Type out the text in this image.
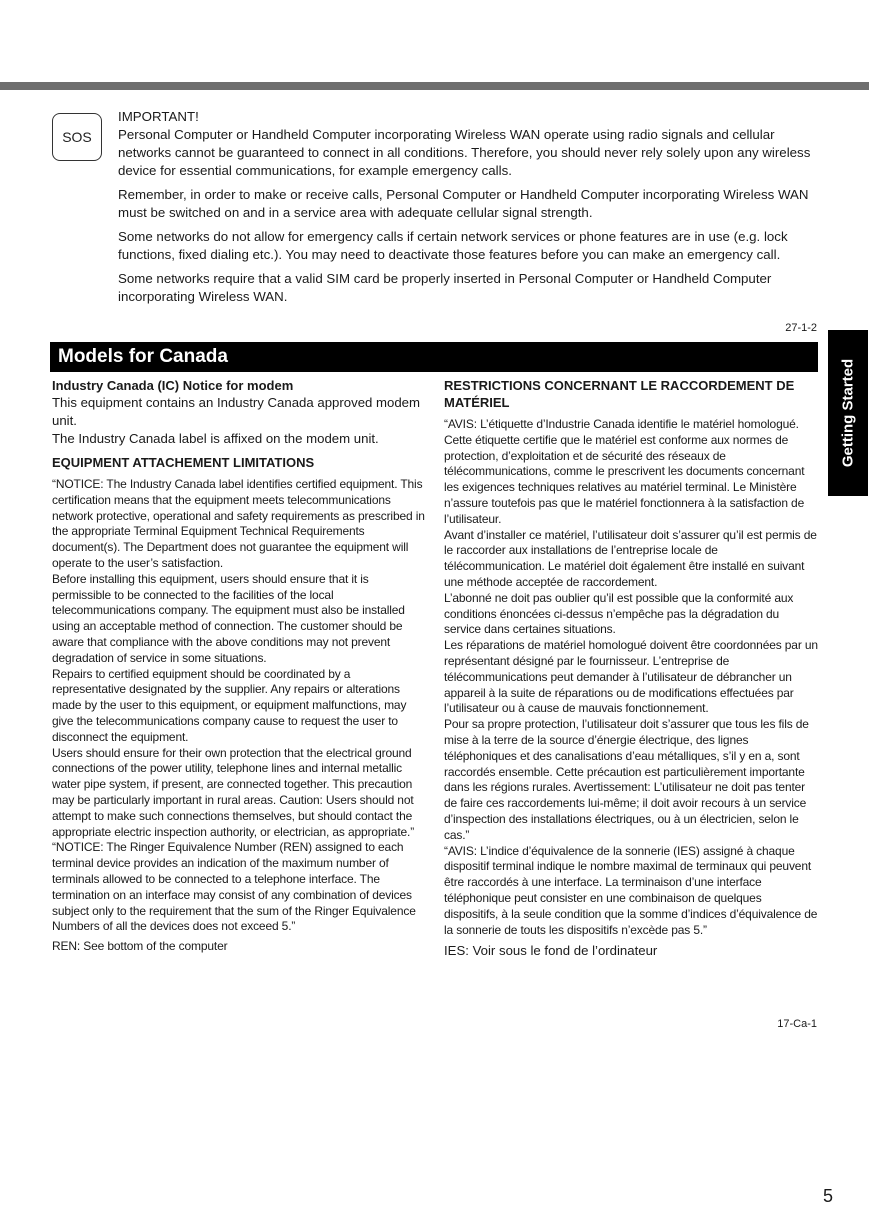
SOS

IMPORTANT!

Personal Computer or Handheld Computer incorporating Wireless WAN operate using radio signals and cellular networks cannot be guaranteed to connect in all conditions. Therefore, you should never rely solely upon any wireless device for essential communications, for example emergency calls.

Remember, in order to make or receive calls, Personal Computer or Handheld Computer incorporating Wireless WAN must be switched on and in a service area with adequate cellular signal strength.

Some networks do not allow for emergency calls if certain network services or phone features are in use (e.g. lock functions, fixed dialing etc.). You may need to deactivate those features before you can make an emergency call.

Some networks require that a valid SIM card be properly inserted in Personal Computer or Handheld Computer incorporating Wireless WAN.

27-1-2
Models for Canada
Getting Started

Industry Canada (IC) Notice for modem

This equipment contains an Industry Canada approved modem unit.

The Industry Canada label is affixed on the modem unit.

EQUIPMENT ATTACHEMENT LIMITATIONS

“NOTICE: The Industry Canada label identifies certified equipment. This certification means that the equipment meets telecommunications network protective, operational and safety requirements as prescribed in the appropriate Terminal Equipment Technical Requirements document(s). The Department does not guarantee the equipment will operate to the user’s satisfaction.

Before installing this equipment, users should ensure that it is permissible to be connected to the facilities of the local telecommunications company. The equipment must also be installed using an acceptable method of connection. The customer should be aware that compliance with the above conditions may not prevent degradation of service in some situations.

Repairs to certified equipment should be coordinated by a representative designated by the supplier. Any repairs or alterations made by the user to this equipment, or equipment malfunctions, may give the telecommunications company cause to request the user to disconnect the equipment.

Users should ensure for their own protection that the electrical ground connections of the power utility, telephone lines and internal metallic water pipe system, if present, are connected together. This precaution may be particularly important in rural areas. Caution: Users should not attempt to make such connections themselves, but should contact the appropriate electric inspection authority, or electrician, as appropriate.”

“NOTICE: The Ringer Equivalence Number (REN) assigned to each terminal device provides an indication of the maximum number of terminals allowed to be connected to a telephone interface. The termination on an interface may consist of any combination of devices subject only to the requirement that the sum of the Ringer Equivalence Numbers of all the devices does not exceed 5.”

REN: See bottom of the computer

RESTRICTIONS CONCERNANT LE RACCORDEMENT DE MATÉRIEL

“AVIS: L’étiquette d’Industrie Canada identifie le matériel homologué. Cette étiquette certifie que le matériel est conforme aux normes de protection, d’exploitation et de sécurité des réseaux de télécommunications, comme le prescrivent les documents concernant les exigences techniques relatives au matériel terminal. Le Ministère n’assure toutefois pas que le matériel fonctionnera à la satisfaction de l’utilisateur.

Avant d’installer ce matériel, l’utilisateur doit s’assurer qu’il est permis de le raccorder aux installations de l’entreprise locale de télécommunication. Le matériel doit également être installé en suivant une méthode acceptée de raccordement.

L’abonné ne doit pas oublier qu’il est possible que la conformité aux conditions énoncées ci-dessus n’empêche pas la dégradation du service dans certaines situations.

Les réparations de matériel homologué doivent être coordonnées par un représentant désigné par le fournisseur. L’entreprise de télécommunications peut demander à l’utilisateur de débrancher un appareil à la suite de réparations ou de modifications effectuées par l’utilisateur ou à cause de mauvais fonctionnement.

Pour sa propre protection, l’utilisateur doit s’assurer que tous les fils de mise à la terre de la source d’énergie électrique, des lignes téléphoniques et des canalisations d’eau métalliques, s’il y en a, sont raccordés ensemble. Cette précaution est particulièrement importante dans les régions rurales. Avertissement: L’utilisateur ne doit pas tenter de faire ces raccordements lui-même; il doit avoir recours à un service d’inspection des installations électriques, ou à un électricien, selon le cas.”

“AVIS: L’indice d’équivalence de la sonnerie (IES) assigné à chaque dispositif terminal indique le nombre maximal de terminaux qui peuvent être raccordés à une interface. La terminaison d’une interface téléphonique peut consister en une combinaison de quelques dispositifs, à la seule condition que la somme d’indices d’équivalence de la sonnerie de touts les dispositifs n’excède pas 5.”

IES: Voir sous le fond de l’ordinateur

17-Ca-1
5
